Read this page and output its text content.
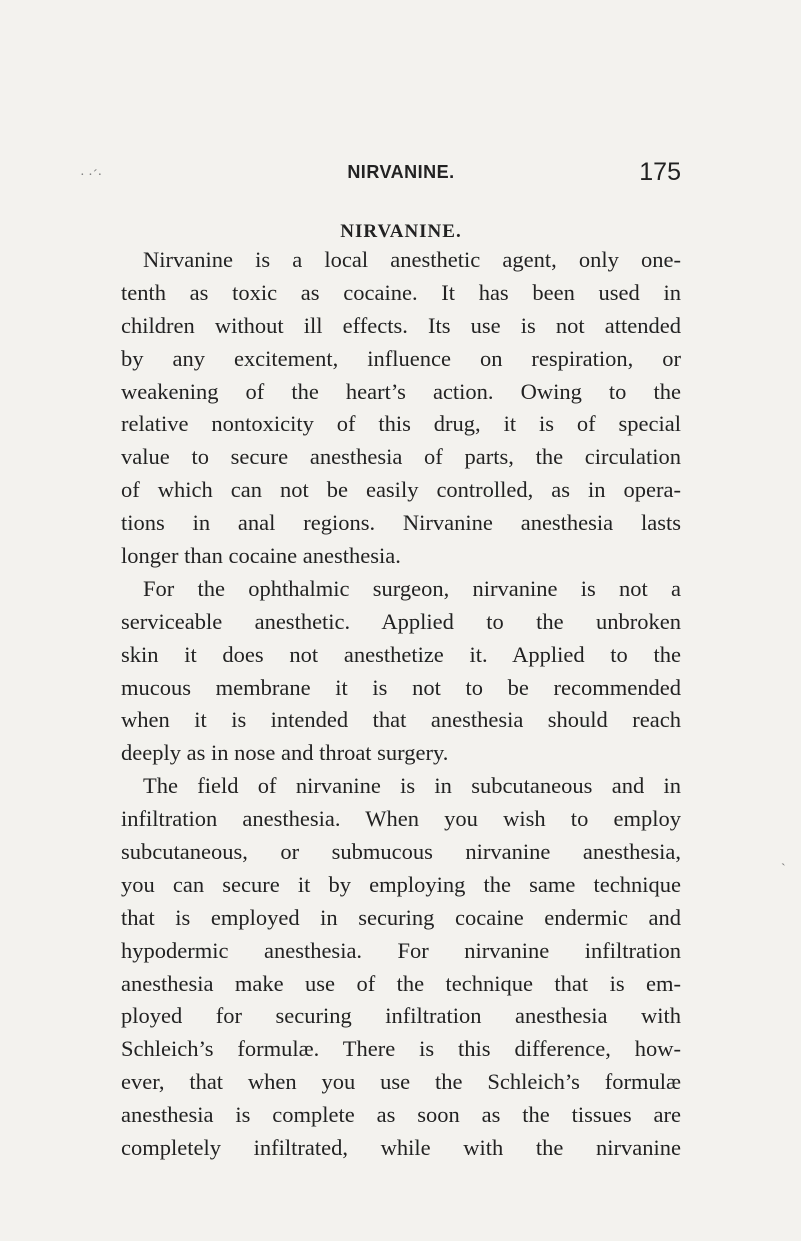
· ·´·	NIRVANINE.	175
NIRVANINE.
Nirvanine is a local anesthetic agent, only one-
tenth as toxic as cocaine. It has been used in
children without ill effects. Its use is not attended
by any excitement, influence on respiration, or
weakening of the heart’s action. Owing to the
relative nontoxicity of this drug, it is of special
value to secure anesthesia of parts, the circulation
of which can not be easily controlled, as in opera-
tions in anal regions. Nirvanine anesthesia lasts
longer than cocaine anesthesia.
For the ophthalmic surgeon, nirvanine is not a
serviceable anesthetic. Applied to the unbroken
skin it does not anesthetize it. Applied to the
mucous membrane it is not to be recommended
when it is intended that anesthesia should reach
deeply as in nose and throat surgery.
The field of nirvanine is in subcutaneous and in
infiltration anesthesia. When you wish to employ
subcutaneous, or submucous nirvanine anesthesia,
you can secure it by employing the same technique
that is employed in securing cocaine endermic and
hypodermic anesthesia. For nirvanine infiltration
anesthesia make use of the technique that is em-
ployed for securing infiltration anesthesia with
Schleich’s formulæ. There is this difference, how-
ever, that when you use the Schleich’s formulæ
anesthesia is complete as soon as the tissues are
completely infiltrated, while with the nirvanine
`
